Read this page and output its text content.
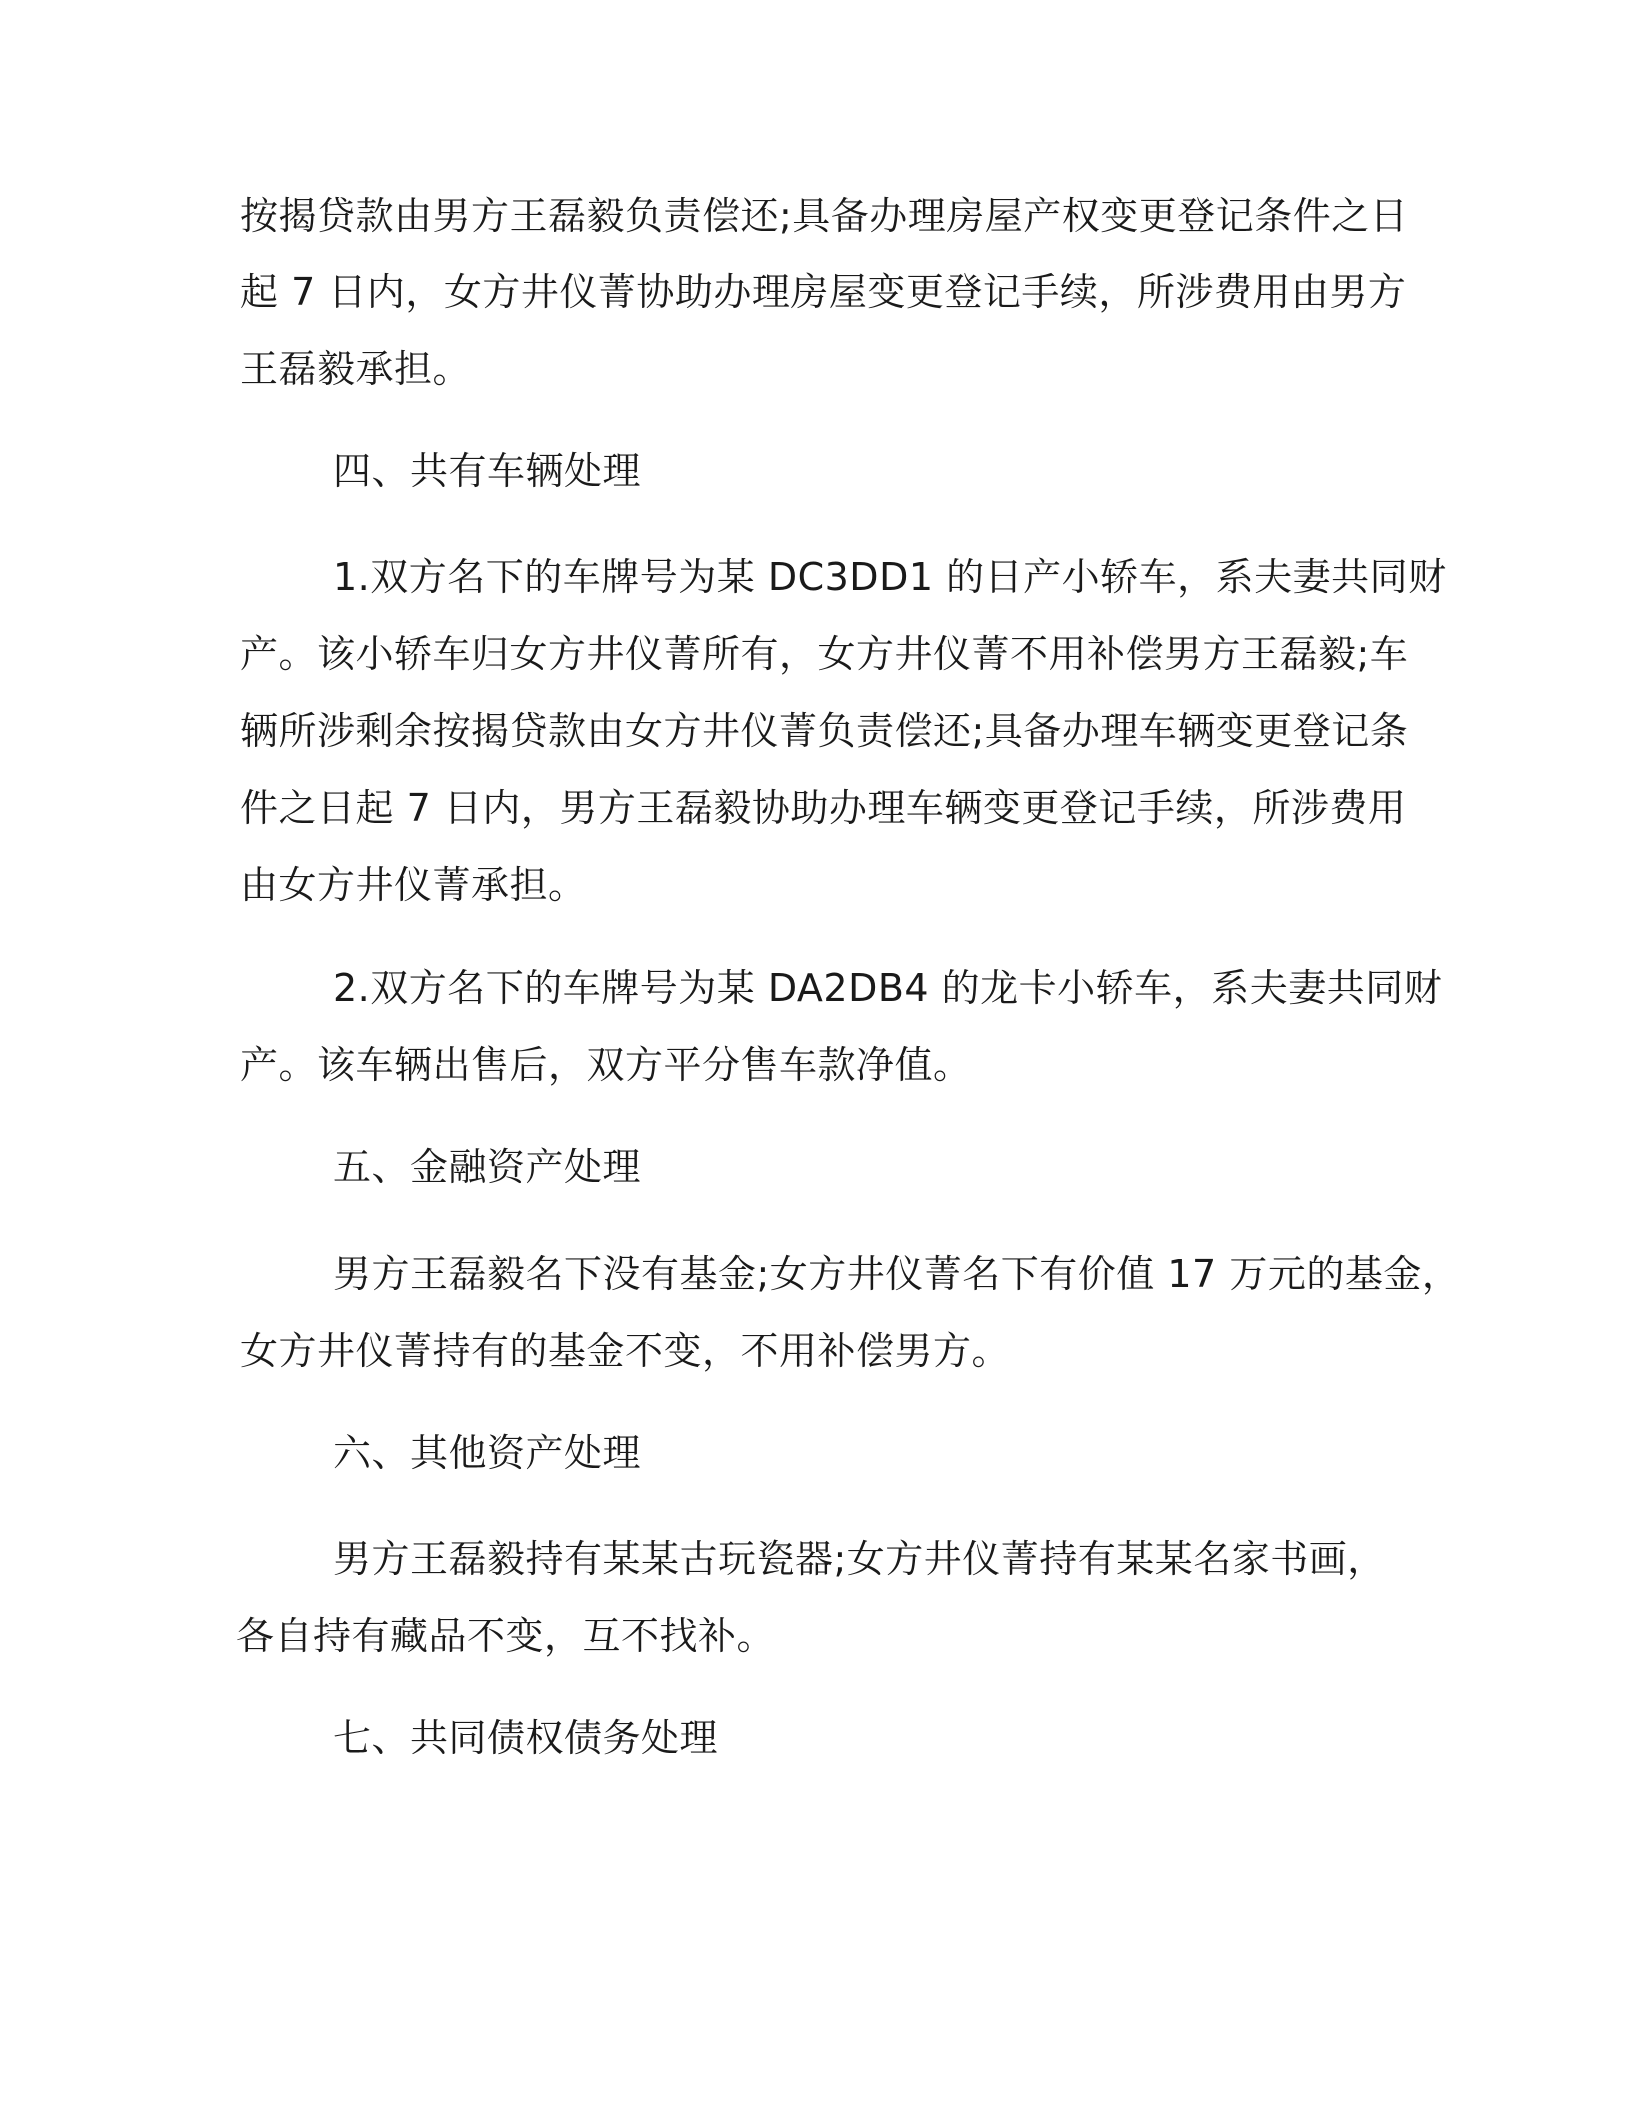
按揭贷款由男方王磊毅负责偿还;具备办理房屋产权变更登记条件之日
起 7 日内，女方井仪菁协助办理房屋变更登记手续，所涉费用由男方
王磊毅承担。
四、共有车辆处理
1.双方名下的车牌号为某 DC3DD1 的日产小轿车，系夫妻共同财
产。该小轿车归女方井仪菁所有，女方井仪菁不用补偿男方王磊毅;车
辆所涉剩余按揭贷款由女方井仪菁负责偿还;具备办理车辆变更登记条
件之日起 7 日内，男方王磊毅协助办理车辆变更登记手续，所涉费用
由女方井仪菁承担。
2.双方名下的车牌号为某 DA2DB4 的龙卡小轿车，系夫妻共同财
产。该车辆出售后，双方平分售车款净值。
五、金融资产处理
男方王磊毅名下没有基金;女方井仪菁名下有价值 17 万元的基金，
女方井仪菁持有的基金不变，不用补偿男方。
六、其他资产处理
男方王磊毅持有某某古玩瓷器;女方井仪菁持有某某名家书画，
各自持有藏品不变，互不找补。
七、共同债权债务处理
